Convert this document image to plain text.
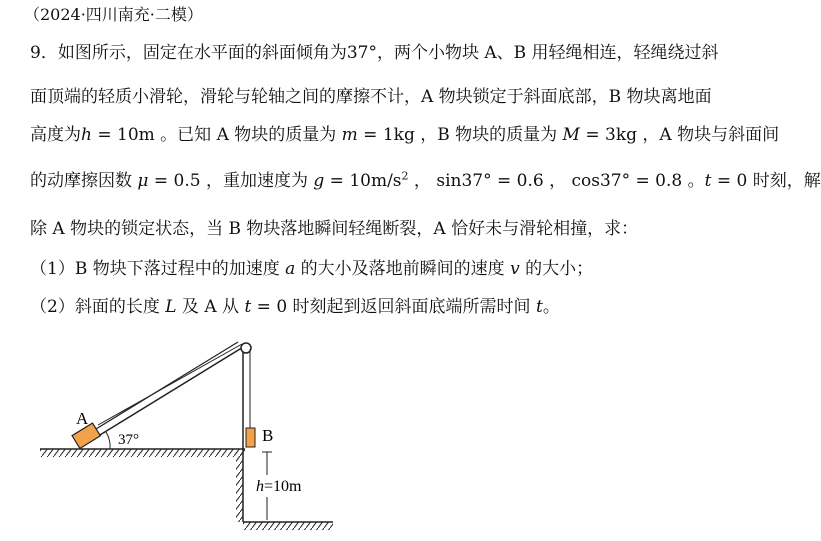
（2024·四川南充·二模）
9．如图所示，固定在水平面的斜面倾角为37°，两个小物块 A、B 用轻绳相连，轻绳绕过斜
面顶端的轻质小滑轮，滑轮与轮轴之间的摩擦不计，A 物块锁定于斜面底部，B 物块离地面
高度为h = 10m 。已知 A 物块的质量为 m = 1kg ，B 物块的质量为 M = 3kg ，A 物块与斜面间
的动摩擦因数 μ = 0.5 ，重加速度为 $g = 10m/s^2$ ， sin37° = 0.6 ， cos37° = 0.8 。t = 0 时刻，解
除 A 物块的锁定状态，当 B 物块落地瞬间轻绳断裂，A 恰好未与滑轮相撞，求：
（1）B 物块下落过程中的加速度 a 的大小及落地前瞬间的速度 v 的大小；
（2）斜面的长度 L 及 A 从 t = 0 时刻起到返回斜面底端所需时间 t。
A
37°	B
h=10m
